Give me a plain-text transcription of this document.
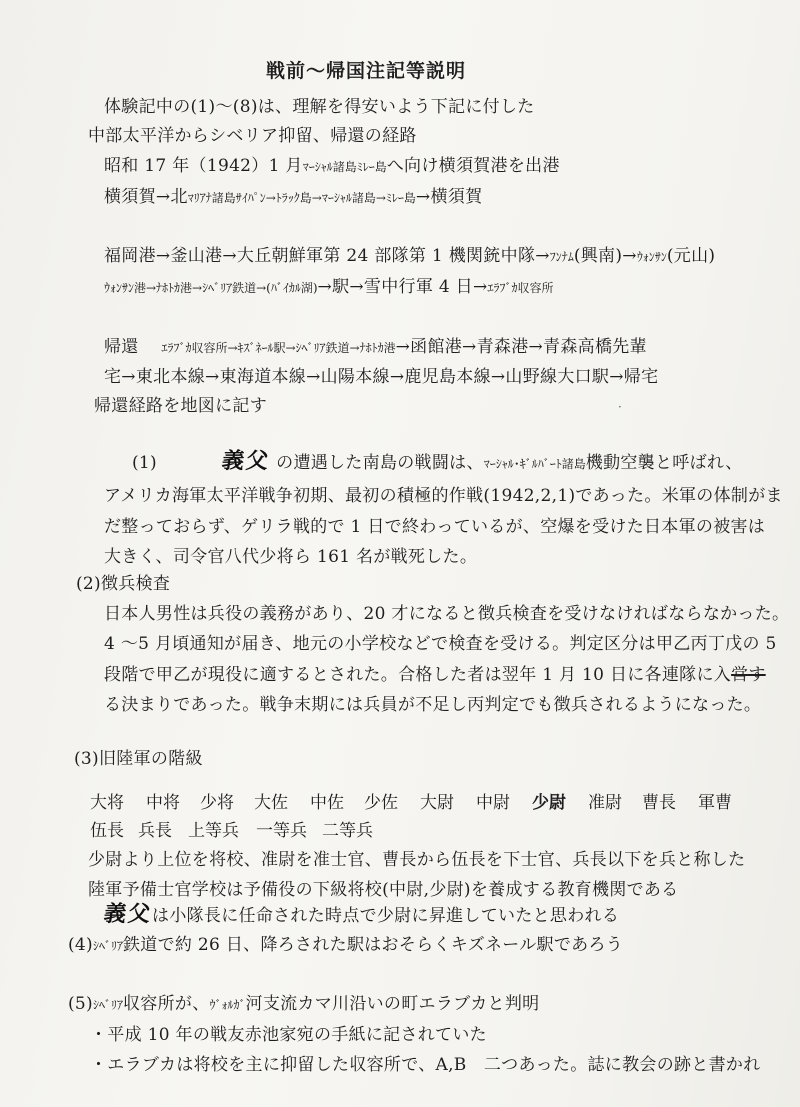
戦前～帰国注記等説明
体験記中の(1)～(8)は、理解を得安いよう下記に付した
中部太平洋からシベリア抑留、帰還の経路
昭和 17 年（1942）1 月ﾏｰｼｬﾙ諸島ﾐﾚｰ島へ向け横須賀港を出港
横須賀→北ﾏﾘｱﾅ諸島ｻｲﾊﾟﾝ→ﾄﾗｯｸ島→ﾏｰｼｬﾙ諸島→ﾐﾚｰ島→横須賀
福岡港→釜山港→大丘朝鮮軍第 24 部隊第 1 機関銃中隊→ﾌﾝﾅﾑ(興南)→ｳｫﾝｻﾝ(元山)
ｳｫﾝｻﾝ港→ﾅﾎﾄｶ港→ｼﾍﾞﾘｱ鉄道→(ﾊﾞｲｶﾙ湖)→駅→雪中行軍 4 日→ｴﾗﾌﾞｶ収容所
帰還 ｴﾗﾌﾞｶ収容所→ｷｽﾞﾈｰﾙ駅→ｼﾍﾞﾘｱ鉄道→ﾅﾎﾄｶ港→函館港→青森港→青森高橋先輩
宅→東北本線→東海道本線→山陽本線→鹿児島本線→山野線大口駅→帰宅
帰還経路を地図に記す	·
(1)	義父 の遭遇した南島の戦闘は、ﾏｰｼｬﾙ･ｷﾞﾙﾊﾞｰﾄ諸島機動空襲と呼ばれ、
アメリカ海軍太平洋戦争初期、最初の積極的作戦(1942,2,1)であった。米軍の体制がま
だ整っておらず、ゲリラ戦的で 1 日で終わっているが、空爆を受けた日本軍の被害は
大きく、司令官八代少将ら 161 名が戦死した。
(2)徴兵検査
日本人男性は兵役の義務があり、20 才になると徴兵検査を受けなければならなかった。
4 ～5 月頃通知が届き、地元の小学校などで検査を受ける。判定区分は甲乙丙丁戊の 5
段階で甲乙が現役に適するとされた。合格した者は翌年 1 月 10 日に各連隊に入営す
る決まりであった。戦争末期には兵員が不足し丙判定でも徴兵されるようになった。
(3)旧陸軍の階級
大将 中将 少将 大佐 中佐 少佐 大尉 中尉 少尉 准尉 曹長 軍曹
伍長 兵長 上等兵 一等兵 二等兵
少尉より上位を将校、准尉を准士官、曹長から伍長を下士官、兵長以下を兵と称した
陸軍予備士官学校は予備役の下級将校(中尉,少尉)を養成する教育機関である
義父は小隊長に任命された時点で少尉に昇進していたと思われる
(4)ｼﾍﾞﾘｱ鉄道で約 26 日、降ろされた駅はおそらくキズネール駅であろう
(5)ｼﾍﾞﾘｱ収容所が、ｳﾞｫﾙｶﾞ河支流カマ川沿いの町エラブカと判明
・平成 10 年の戦友赤池家宛の手紙に記されていた
・エラブカは将校を主に抑留した収容所で、A,B　二つあった。誌に教会の跡と書かれ
